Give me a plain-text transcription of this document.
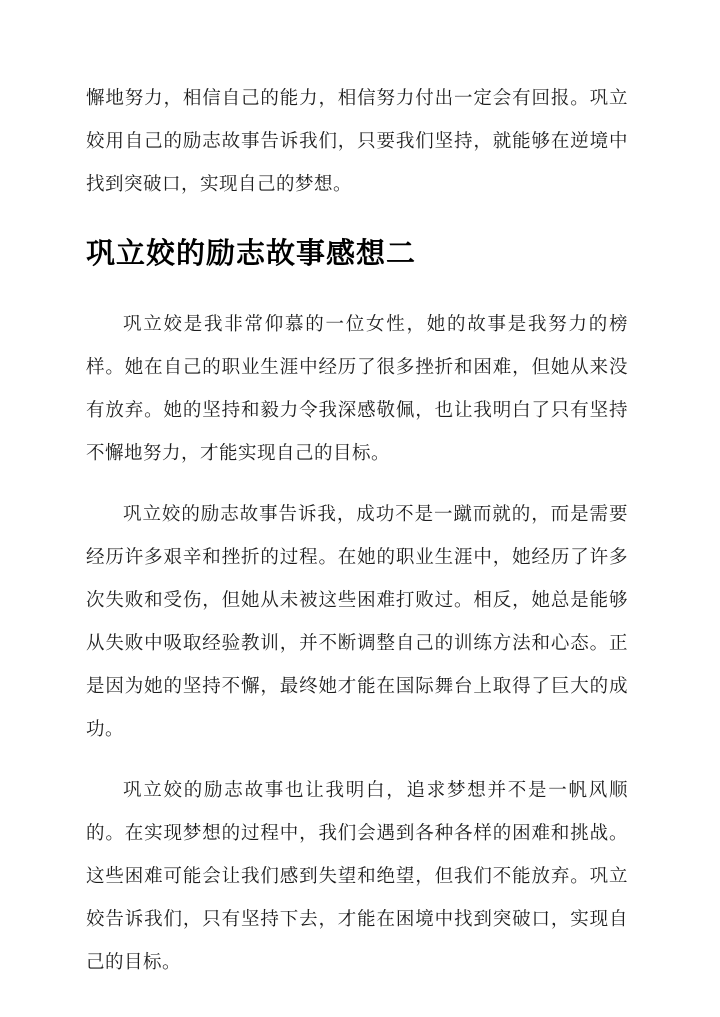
懈地努力，相信自己的能力，相信努力付出一定会有回报。巩立姣用自己的励志故事告诉我们，只要我们坚持，就能够在逆境中找到突破口，实现自己的梦想。

巩立姣的励志故事感想二

巩立姣是我非常仰慕的一位女性，她的故事是我努力的榜样。她在自己的职业生涯中经历了很多挫折和困难，但她从来没有放弃。她的坚持和毅力令我深感敬佩，也让我明白了只有坚持不懈地努力，才能实现自己的目标。

巩立姣的励志故事告诉我，成功不是一蹴而就的，而是需要经历许多艰辛和挫折的过程。在她的职业生涯中，她经历了许多次失败和受伤，但她从未被这些困难打败过。相反，她总是能够从失败中吸取经验教训，并不断调整自己的训练方法和心态。正是因为她的坚持不懈，最终她才能在国际舞台上取得了巨大的成功。

巩立姣的励志故事也让我明白，追求梦想并不是一帆风顺的。在实现梦想的过程中，我们会遇到各种各样的困难和挑战。这些困难可能会让我们感到失望和绝望，但我们不能放弃。巩立姣告诉我们，只有坚持下去，才能在困境中找到突破口，实现自己的目标。
